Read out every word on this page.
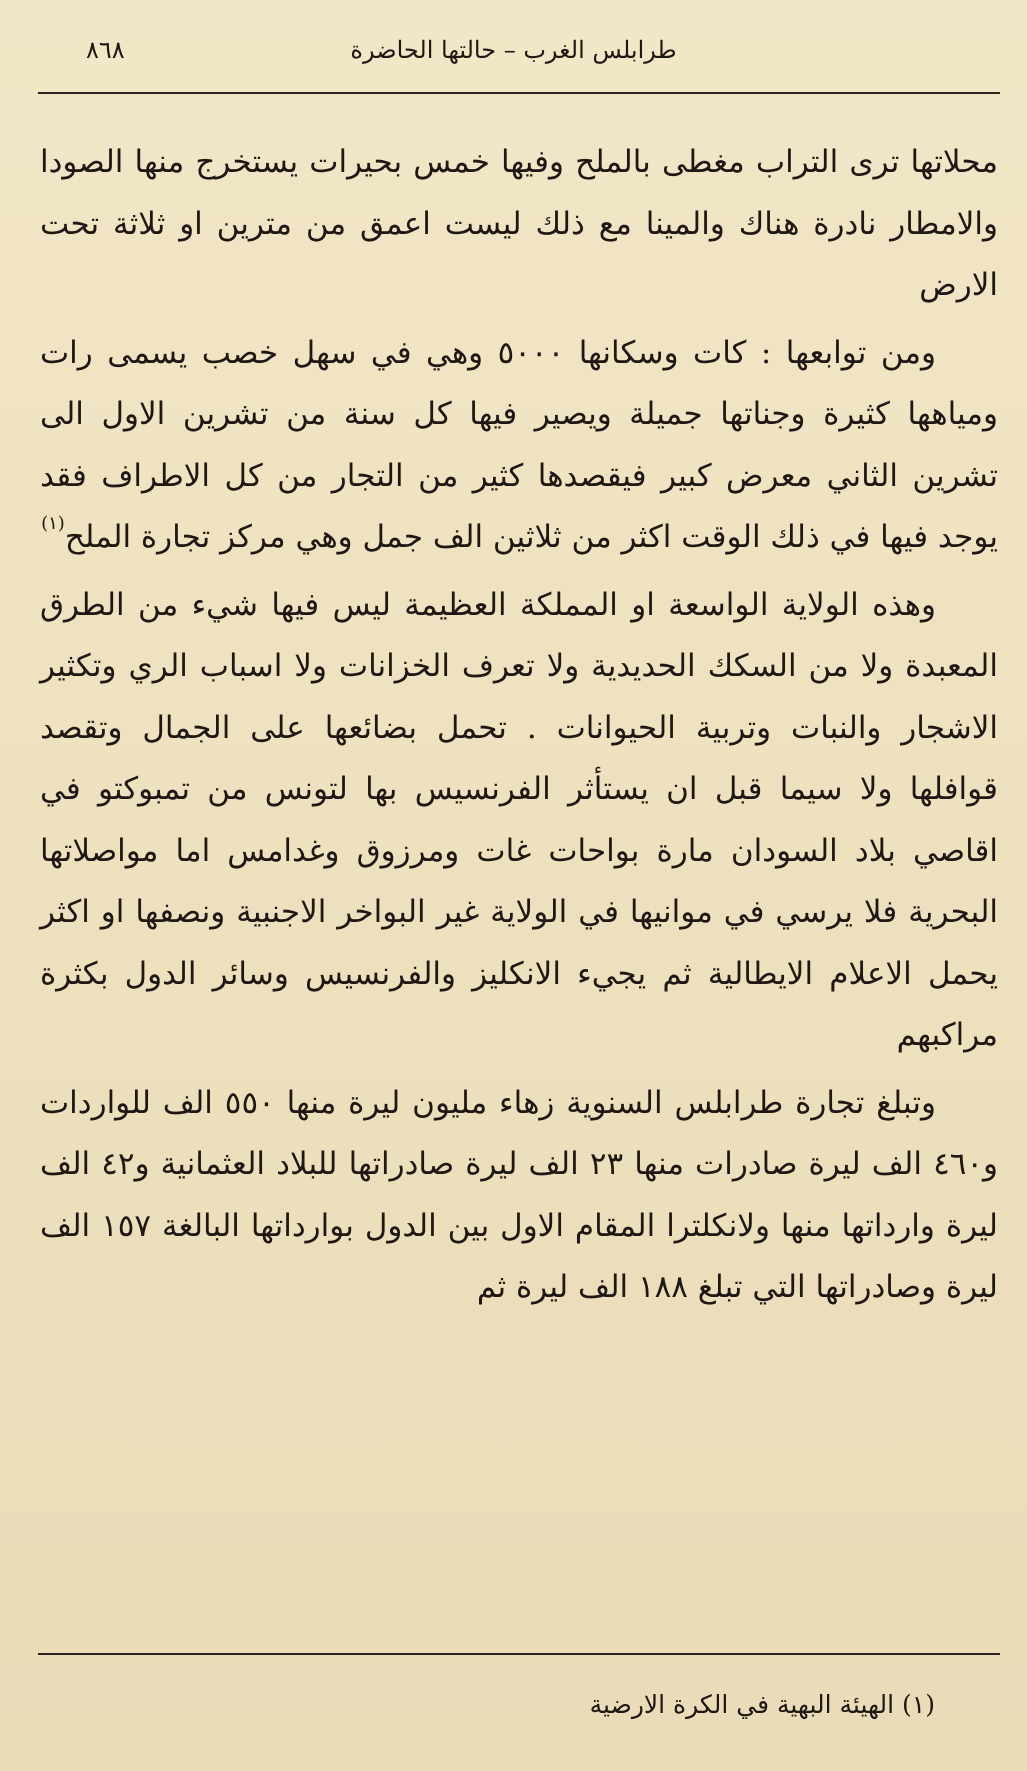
٨٦٨	طرابلس الغرب – حالتها الحاضرة

محلاتها ترى التراب مغطى بالملح وفيها خمس بحيرات يستخرج منها الصودا والامطار نادرة هناك والمينا مع ذلك ليست اعمق من مترين او ثلاثة تحت الارض

ومن توابعها : كات وسكانها ٥٠٠٠ وهي في سهل خصب يسمى رات ومياهها كثيرة وجناتها جميلة ويصير فيها كل سنة من تشرين الاول الى تشرين الثاني معرض كبير فيقصدها كثير من التجار من كل الاطراف فقد يوجد فيها في ذلك الوقت اكثر من ثلاثين الف جمل وهي مركز تجارة الملح$^{(١)}$

وهذه الولاية الواسعة او المملكة العظيمة ليس فيها شيء من الطرق المعبدة ولا من السكك الحديدية ولا تعرف الخزانات ولا اسباب الري وتكثير الاشجار والنبات وتربية الحيوانات . تحمل بضائعها على الجمال وتقصد قوافلها ولا سيما قبل ان يستأثر الفرنسيس بها لتونس من تمبوكتو في اقاصي بلاد السودان مارة بواحات غات ومرزوق وغدامس اما مواصلاتها البحرية فلا يرسي في موانيها في الولاية غير البواخر الاجنبية ونصفها او اكثر يحمل الاعلام الايطالية ثم يجيء الانكليز والفرنسيس وسائر الدول بكثرة مراكبهم

وتبلغ تجارة طرابلس السنوية زهاء مليون ليرة منها ٥٥٠ الف للواردات و٤٦٠ الف ليرة صادرات منها ٢٣ الف ليرة صادراتها للبلاد العثمانية و٤٢ الف ليرة وارداتها منها ولانكلترا المقام الاول بين الدول بوارداتها البالغة ١٥٧ الف ليرة وصادراتها التي تبلغ ١٨٨ الف ليرة ثم

(١) الهيئة البهية في الكرة الارضية
